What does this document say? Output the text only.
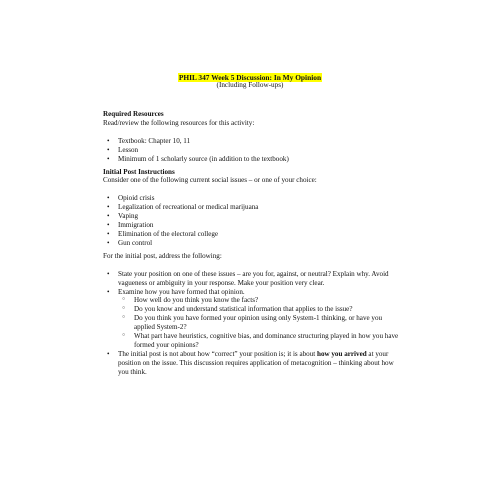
PHIL 347 Week 5 Discussion: In My Opinion
(Including Follow-ups)
Required Resources
Read/review the following resources for this activity:
• Textbook: Chapter 10, 11
• Lesson
• Minimum of 1 scholarly source (in addition to the textbook)
Initial Post Instructions
Consider one of the following current social issues – or one of your choice:
• Opioid crisis
• Legalization of recreational or medical marijuana
• Vaping
• Immigration
• Elimination of the electoral college
• Gun control
For the initial post, address the following:
• State your position on one of these issues – are you for, against, or neutral? Explain why. Avoid vagueness or ambiguity in your response. Make your position very clear.
• Examine how you have formed that opinion.
○ How well do you think you know the facts?
○ Do you know and understand statistical information that applies to the issue?
○ Do you think you have formed your opinion using only System-1 thinking, or have you applied System-2?
○ What part have heuristics, cognitive bias, and dominance structuring played in how you have formed your opinions?
• The initial post is not about how “correct” your position is; it is about how you arrived at your position on the issue. This discussion requires application of metacognition – thinking about how you think.
